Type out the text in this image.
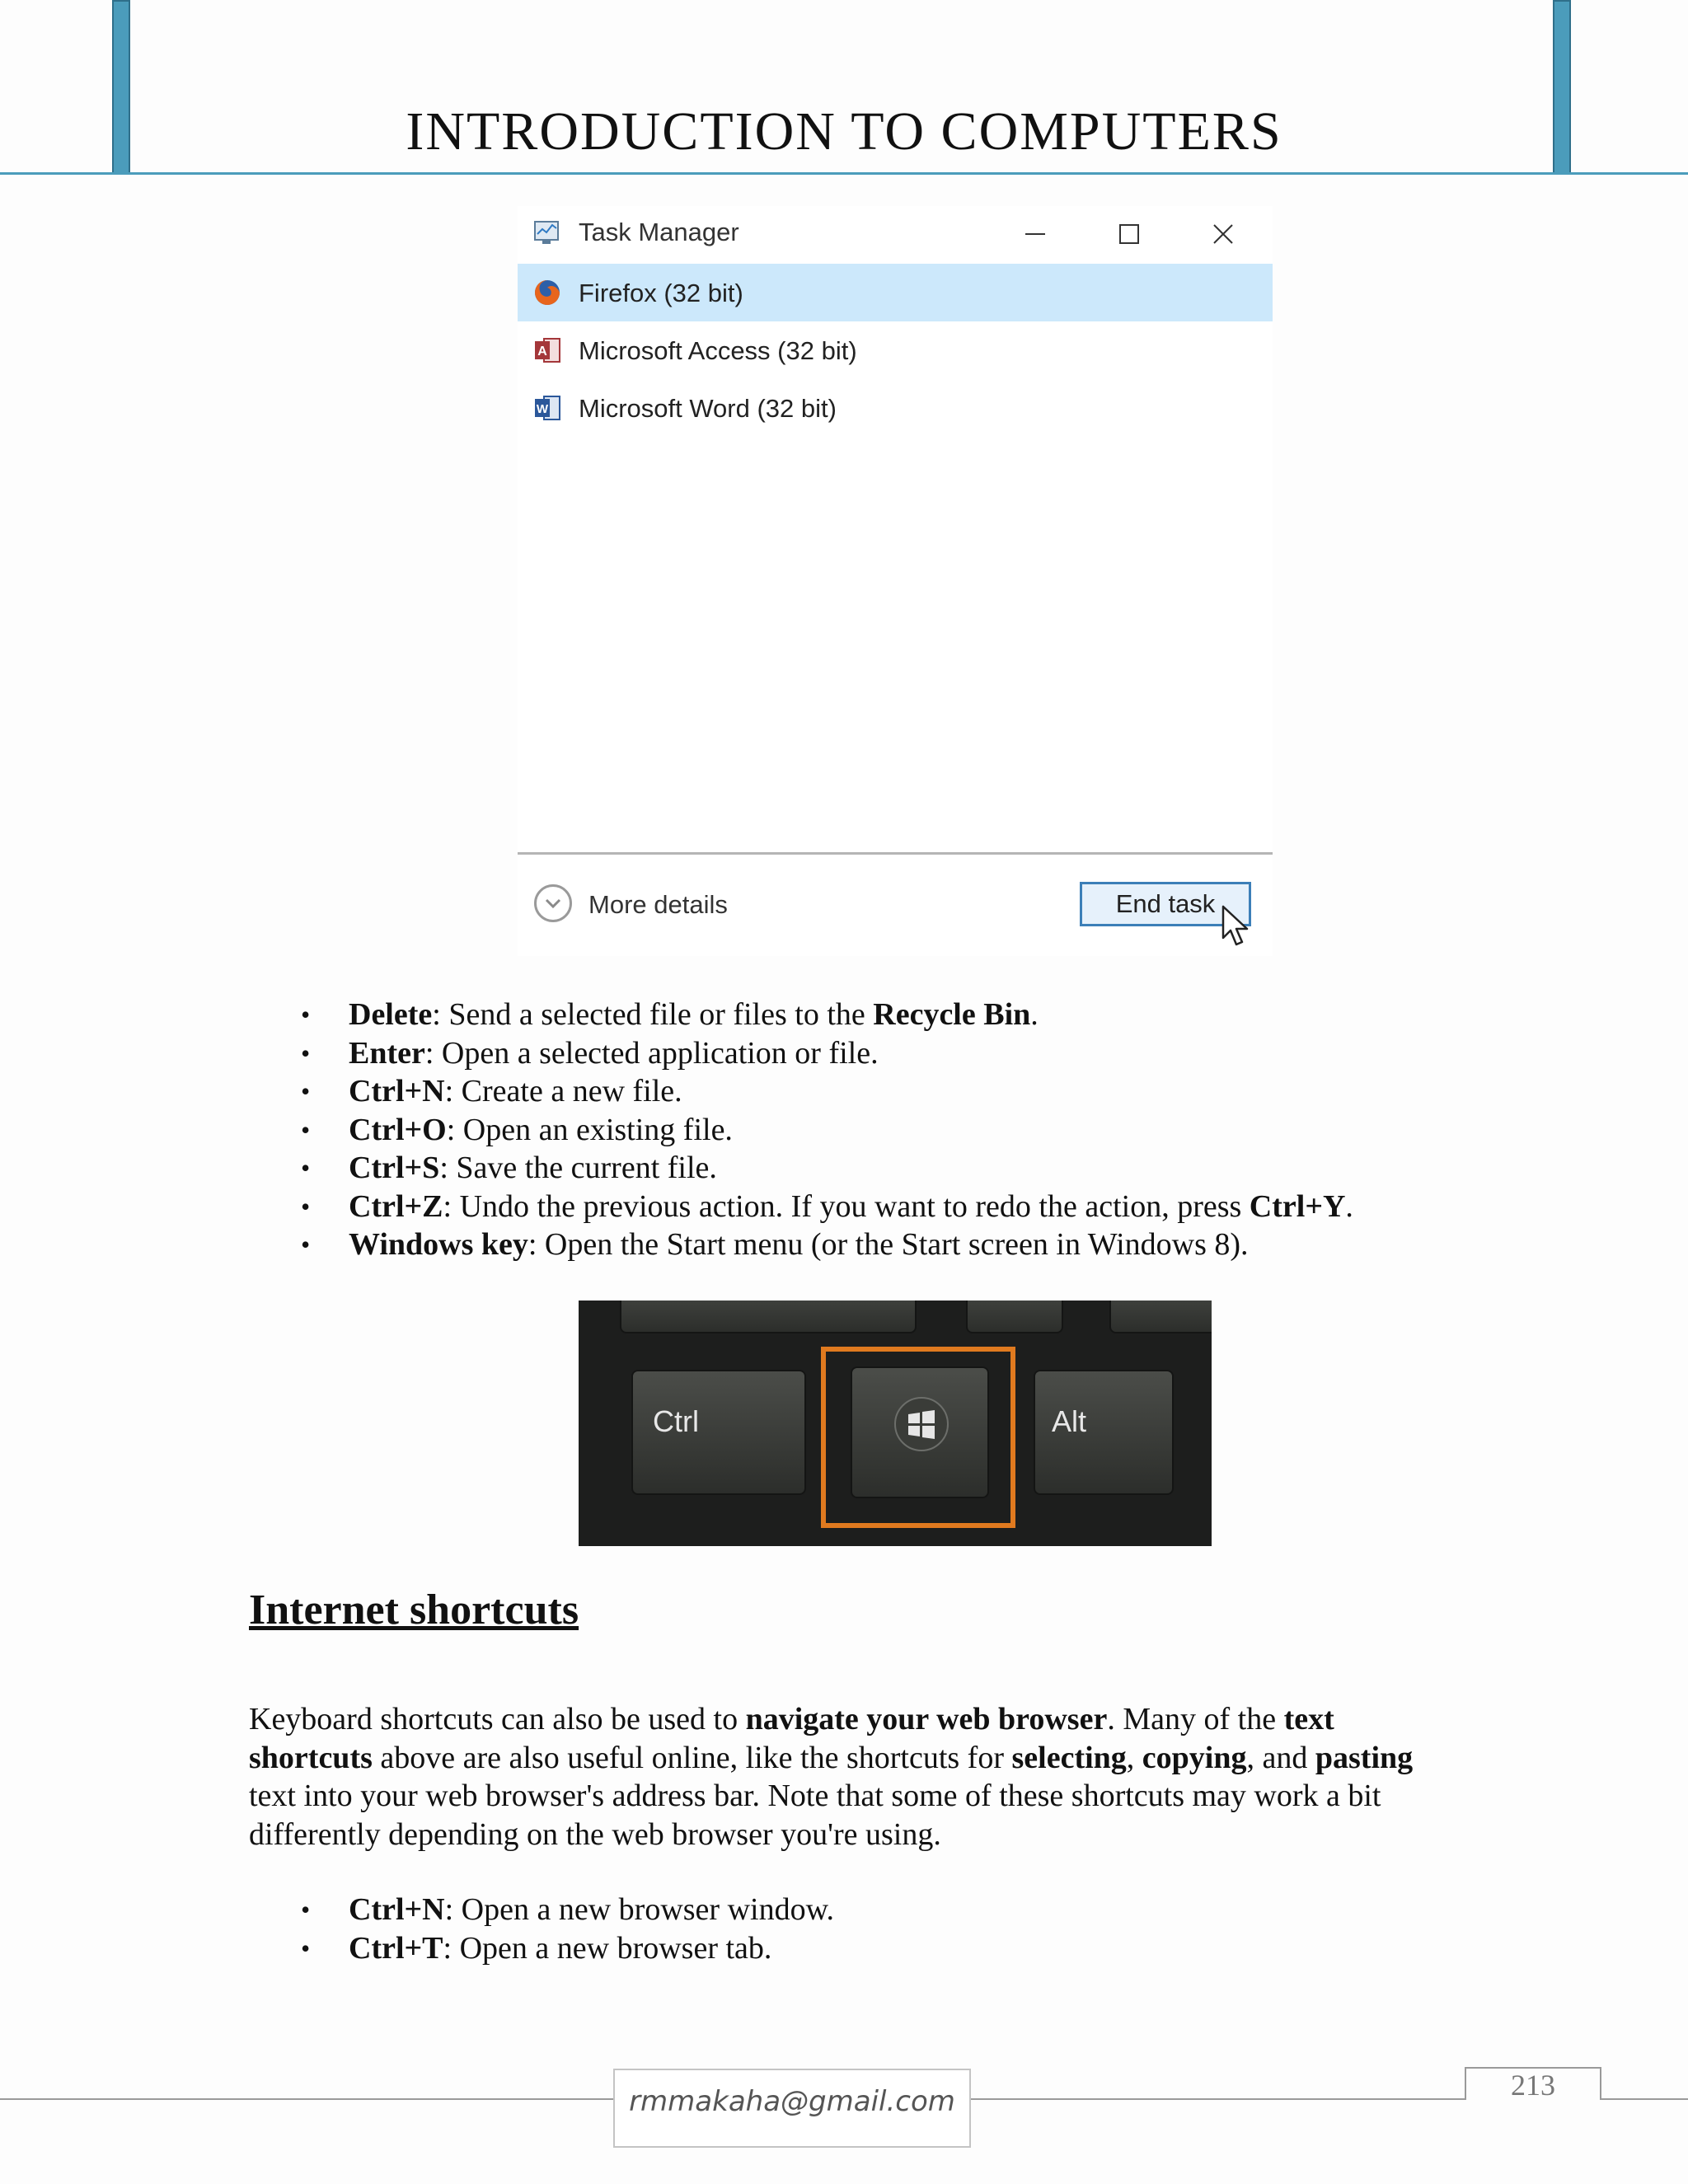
INTRODUCTION TO COMPUTERS
Task Manager
Firefox (32 bit)
A Microsoft Access (32 bit)
W Microsoft Word (32 bit)
More details	End task
• Delete: Send a selected file or files to the Recycle Bin.
• Enter: Open a selected application or file.
• Ctrl+N: Create a new file.
• Ctrl+O: Open an existing file.
• Ctrl+S: Save the current file.
• Ctrl+Z: Undo the previous action. If you want to redo the action, press Ctrl+Y.
• Windows key: Open the Start menu (or the Start screen in Windows 8).
Ctrl	Alt
Internet shortcuts
Keyboard shortcuts can also be used to navigate your web browser. Many of the text shortcuts above are also useful online, like the shortcuts for selecting, copying, and pasting text into your web browser's address bar. Note that some of these shortcuts may work a bit differently depending on the web browser you're using.
• Ctrl+N: Open a new browser window.
• Ctrl+T: Open a new browser tab.
rmmakaha@gmail.com	213
